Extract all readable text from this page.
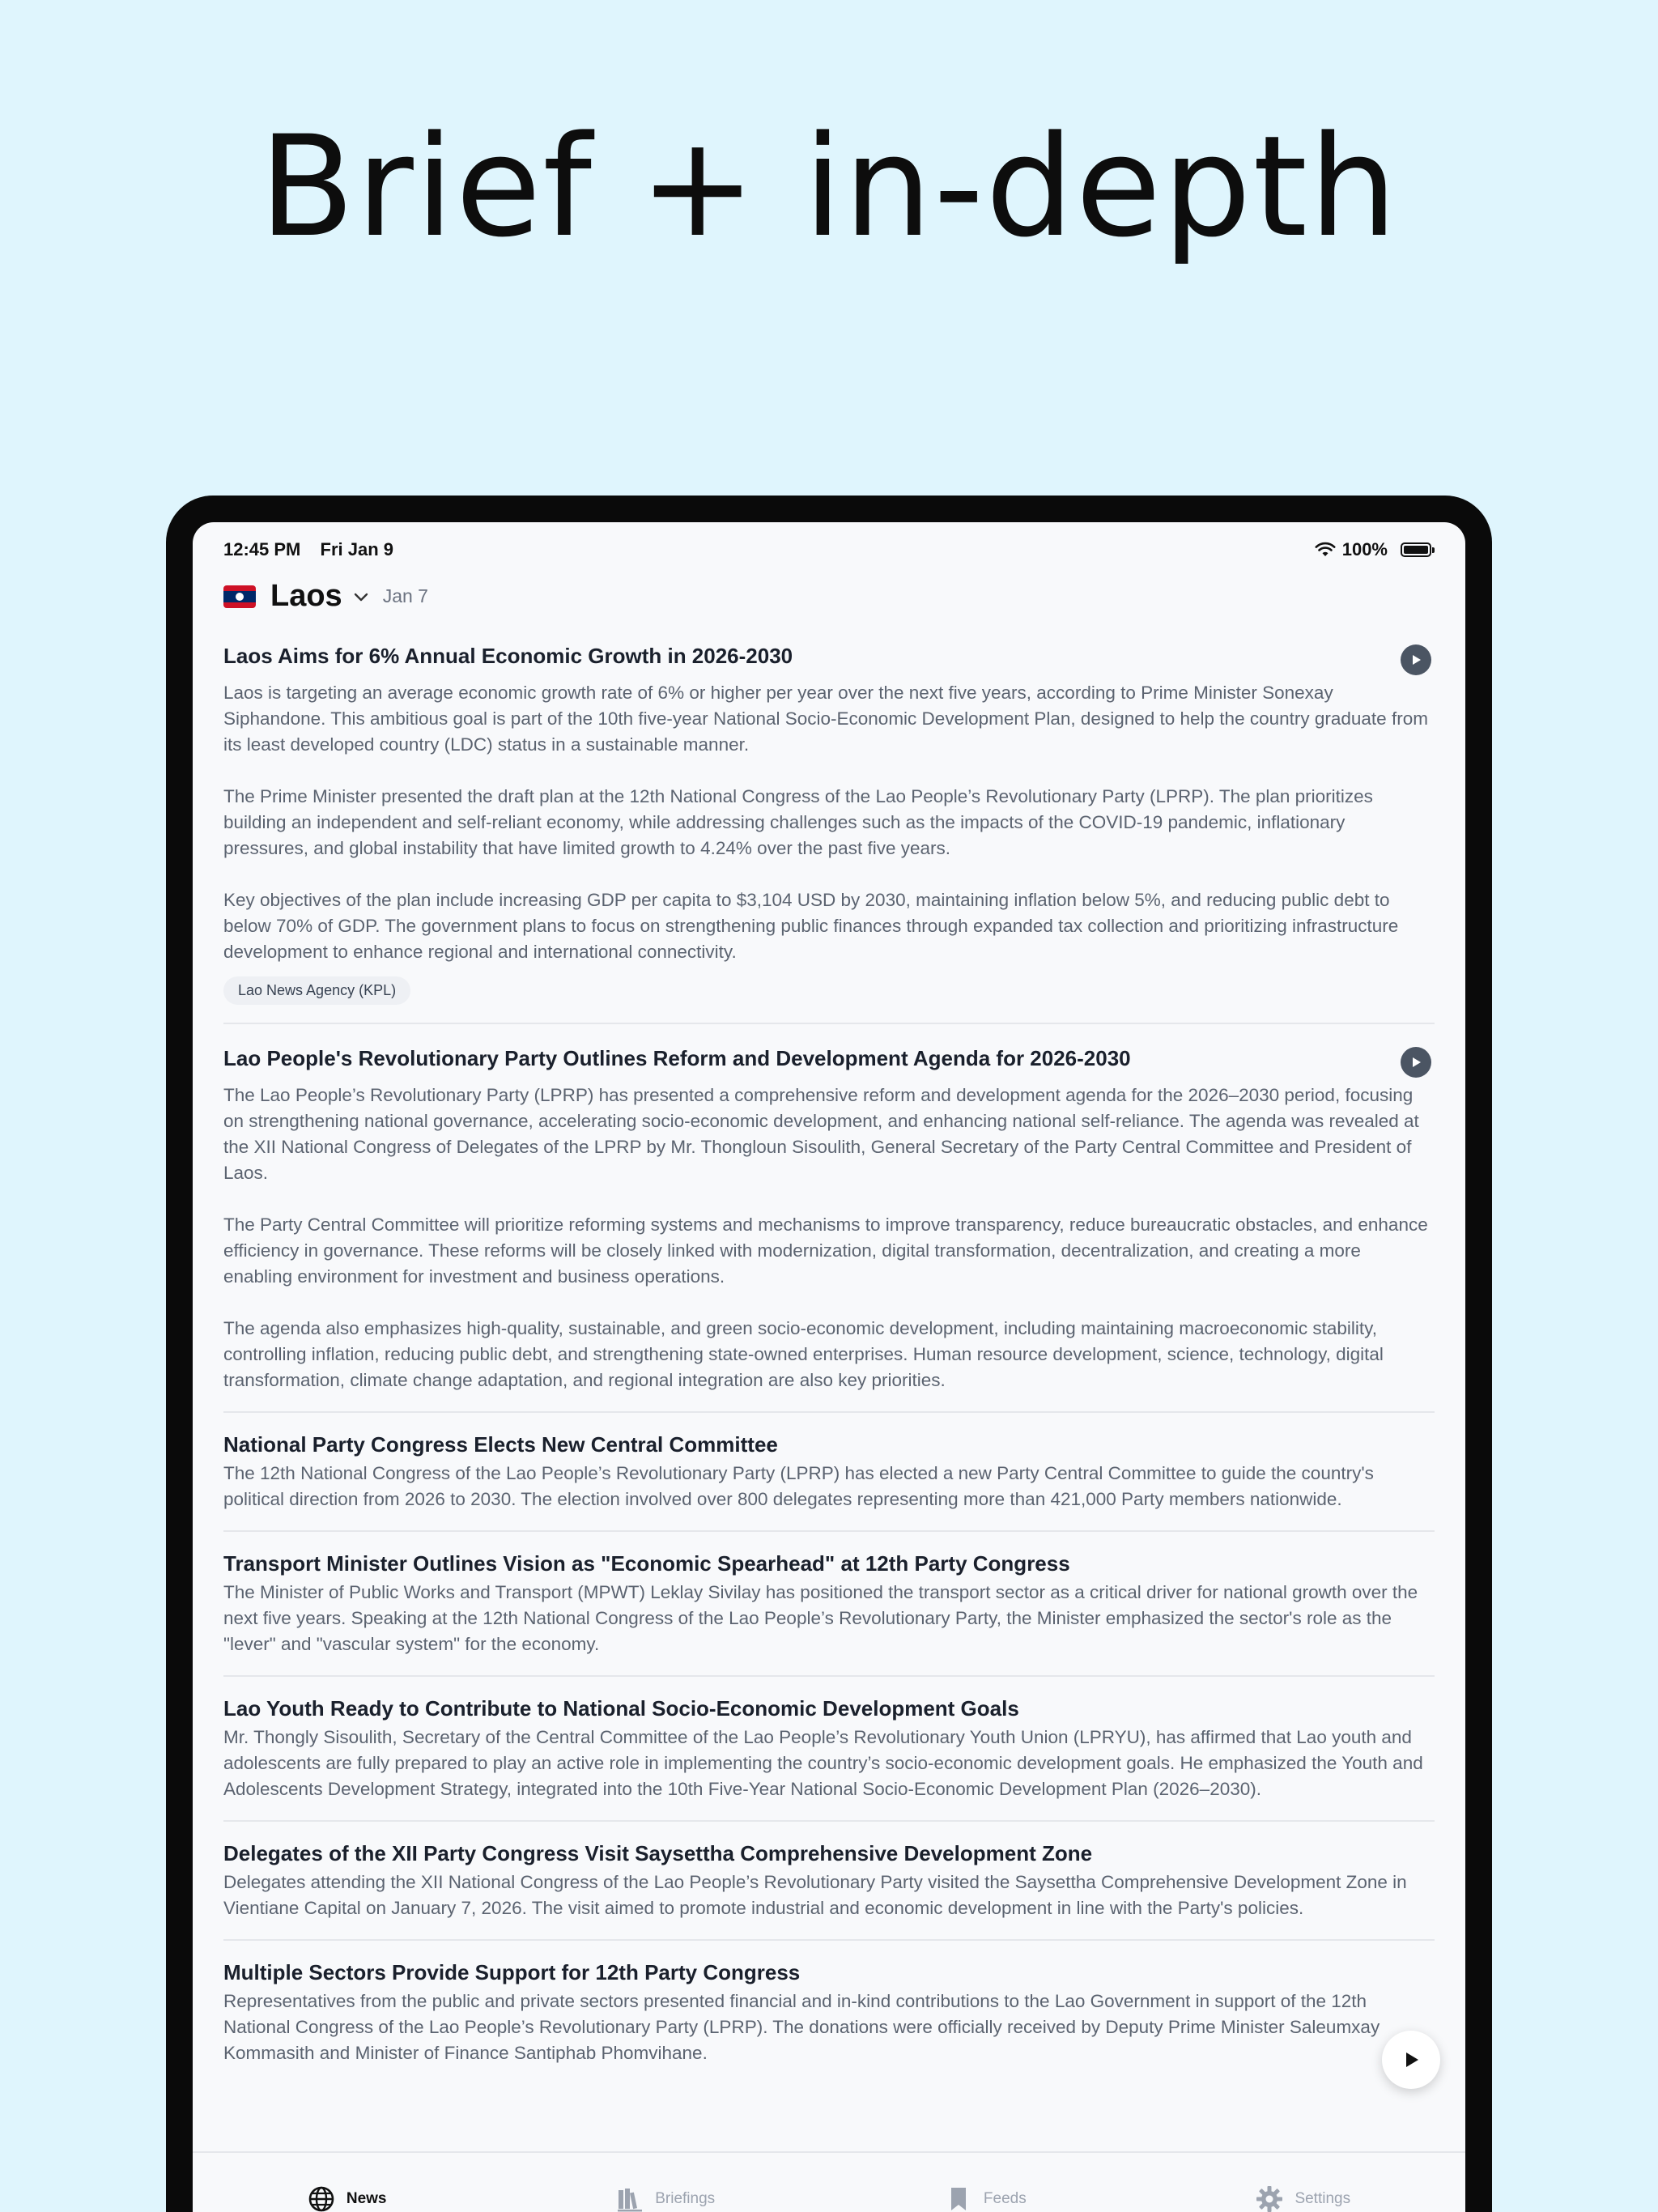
Brief + in-depth
12:45 PM Fri Jan 9	100%
Laos Jan 7
Laos Aims for 6% Annual Economic Growth in 2026-2030

Laos is targeting an average economic growth rate of 6% or higher per year over the next five years, according to Prime Minister Sonexay Siphandone. This ambitious goal is part of the 10th five-year National Socio-Economic Development Plan, designed to help the country graduate from its least developed country (LDC) status in a sustainable manner.

The Prime Minister presented the draft plan at the 12th National Congress of the Lao People’s Revolutionary Party (LPRP). The plan prioritizes building an independent and self-reliant economy, while addressing challenges such as the impacts of the COVID-19 pandemic, inflationary pressures, and global instability that have limited growth to 4.24% over the past five years.

Key objectives of the plan include increasing GDP per capita to $3,104 USD by 2030, maintaining inflation below 5%, and reducing public debt to below 70% of GDP. The government plans to focus on strengthening public finances through expanded tax collection and prioritizing infrastructure development to enhance regional and international connectivity.

Lao News Agency (KPL)
Lao People's Revolutionary Party Outlines Reform and Development Agenda for 2026-2030

The Lao People’s Revolutionary Party (LPRP) has presented a comprehensive reform and development agenda for the 2026–2030 period, focusing on strengthening national governance, accelerating socio-economic development, and enhancing national self-reliance. The agenda was revealed at the XII National Congress of Delegates of the LPRP by Mr. Thongloun Sisoulith, General Secretary of the Party Central Committee and President of Laos.

The Party Central Committee will prioritize reforming systems and mechanisms to improve transparency, reduce bureaucratic obstacles, and enhance efficiency in governance. These reforms will be closely linked with modernization, digital transformation, decentralization, and creating a more enabling environment for investment and business operations.

The agenda also emphasizes high-quality, sustainable, and green socio-economic development, including maintaining macroeconomic stability, controlling inflation, reducing public debt, and strengthening state-owned enterprises. Human resource development, science, technology, digital transformation, climate change adaptation, and regional integration are also key priorities.

National Party Congress Elects New Central Committee

The 12th National Congress of the Lao People’s Revolutionary Party (LPRP) has elected a new Party Central Committee to guide the country's political direction from 2026 to 2030. The election involved over 800 delegates representing more than 421,000 Party members nationwide.

Transport Minister Outlines Vision as "Economic Spearhead" at 12th Party Congress

The Minister of Public Works and Transport (MPWT) Leklay Sivilay has positioned the transport sector as a critical driver for national growth over the next five years. Speaking at the 12th National Congress of the Lao People’s Revolutionary Party, the Minister emphasized the sector's role as the "lever" and "vascular system" for the economy.

Lao Youth Ready to Contribute to National Socio-Economic Development Goals

Mr. Thongly Sisoulith, Secretary of the Central Committee of the Lao People’s Revolutionary Youth Union (LPRYU), has affirmed that Lao youth and adolescents are fully prepared to play an active role in implementing the country’s socio-economic development goals. He emphasized the Youth and Adolescents Development Strategy, integrated into the 10th Five-Year National Socio-Economic Development Plan (2026–2030).

Delegates of the XII Party Congress Visit Saysettha Comprehensive Development Zone

Delegates attending the XII National Congress of the Lao People’s Revolutionary Party visited the Saysettha Comprehensive Development Zone in Vientiane Capital on January 7, 2026. The visit aimed to promote industrial and economic development in line with the Party's policies.

Multiple Sectors Provide Support for 12th Party Congress

Representatives from the public and private sectors presented financial and in-kind contributions to the Lao Government in support of the 12th National Congress of the Lao People’s Revolutionary Party (LPRP). The donations were officially received by Deputy Prime Minister Saleumxay Kommasith and Minister of Finance Santiphab Phomvihane.

News	Briefings	Feeds	Settings
